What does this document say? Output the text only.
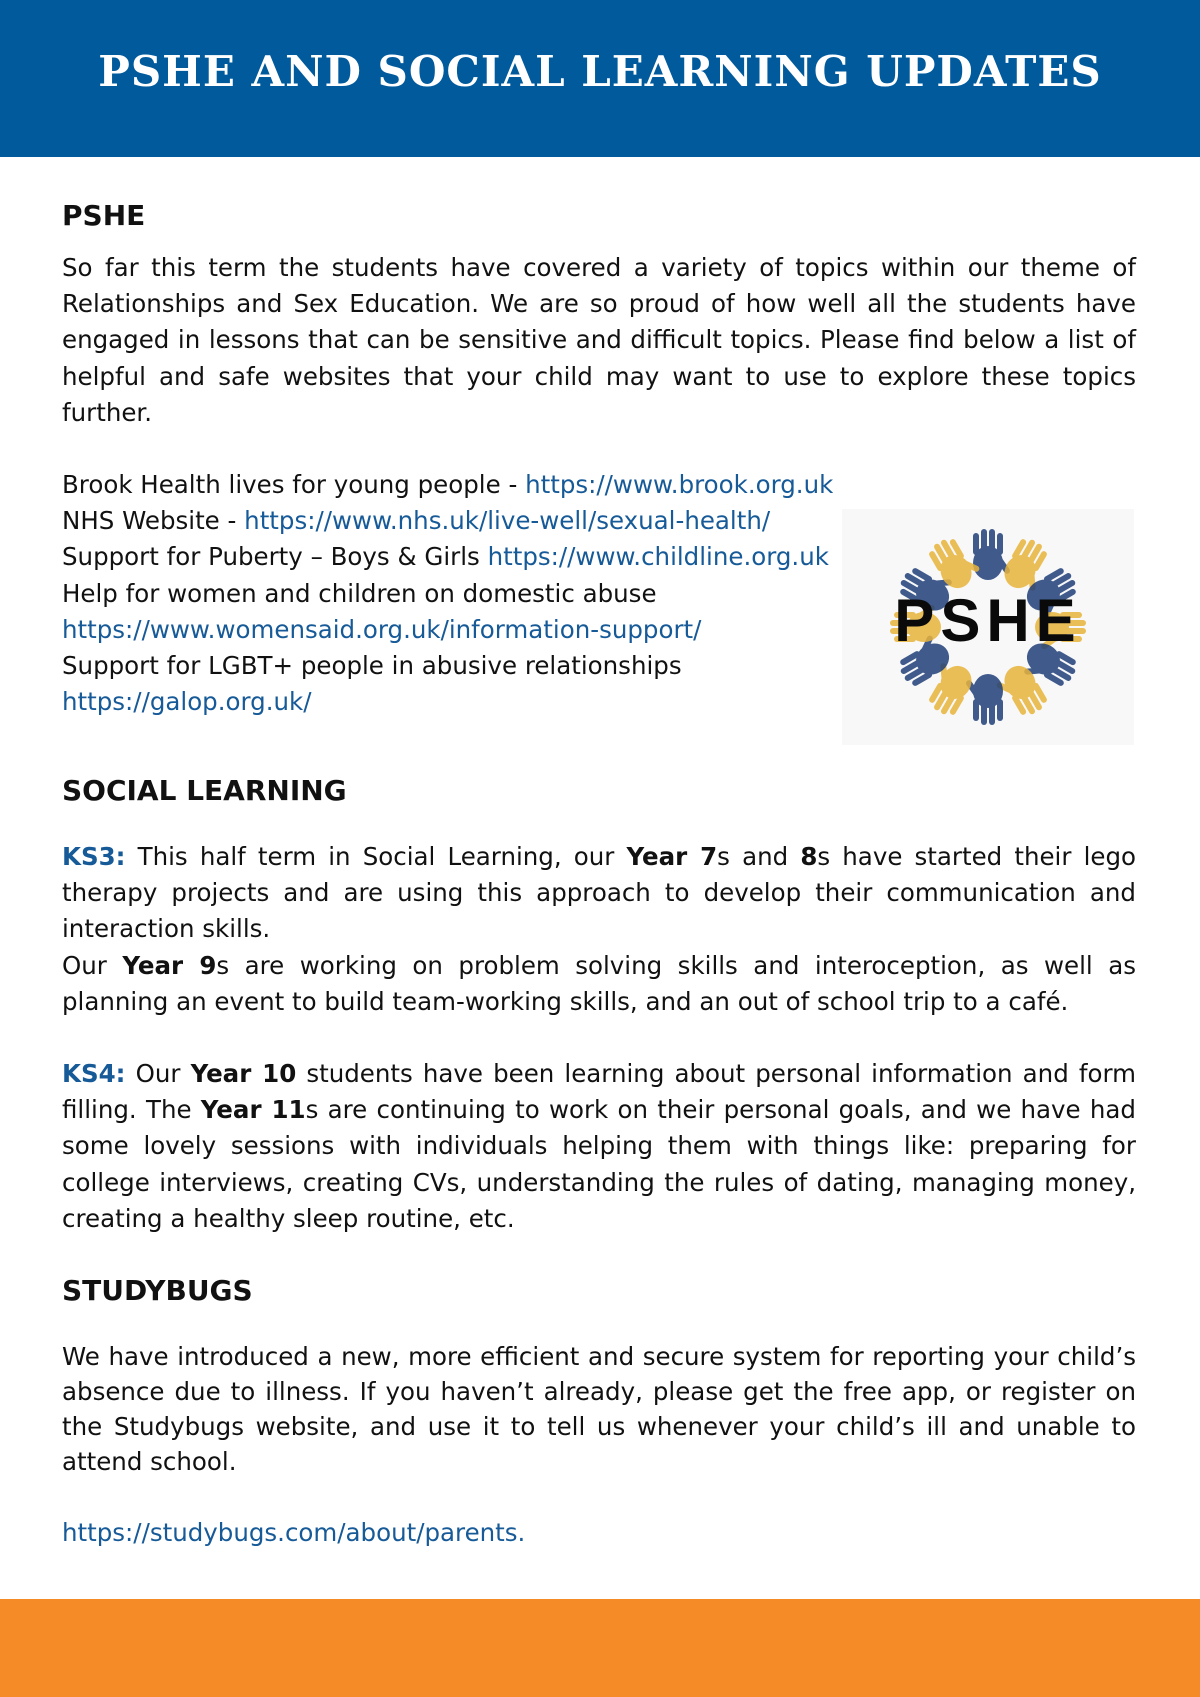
PSHE AND SOCIAL LEARNING UPDATES
PSHE

So far this term the students have covered a variety of topics within our theme of Relationships and Sex Education. We are so proud of how well all the students have engaged in lessons that can be sensitive and difficult topics. Please find below a list of helpful and safe websites that your child may want to use to explore these topics further.

Brook Health lives for young people - https://www.brook.org.uk
NHS Website - https://www.nhs.uk/live-well/sexual-health/
Support for Puberty – Boys & Girls https://www.childline.org.uk
Help for women and children on domestic abuse
https://www.womensaid.org.uk/information-support/
Support for LGBT+ people in abusive relationships
https://galop.org.uk/
PSHE
SOCIAL LEARNING

KS3: This half term in Social Learning, our Year 7s and 8s have started their lego therapy projects and are using this approach to develop their communication and interaction skills.

Our Year 9s are working on problem solving skills and interoception, as well as planning an event to build team-working skills, and an out of school trip to a café.

KS4: Our Year 10 students have been learning about personal information and form filling. The Year 11s are continuing to work on their personal goals, and we have had some lovely sessions with individuals helping them with things like: preparing for college interviews, creating CVs, understanding the rules of dating, managing money, creating a healthy sleep routine, etc.

STUDYBUGS

We have introduced a new, more efficient and secure system for reporting your child’s absence due to illness. If you haven’t already, please get the free app, or register on the Studybugs website, and use it to tell us whenever your child’s ill and unable to attend school.

https://studybugs.com/about/parents.
